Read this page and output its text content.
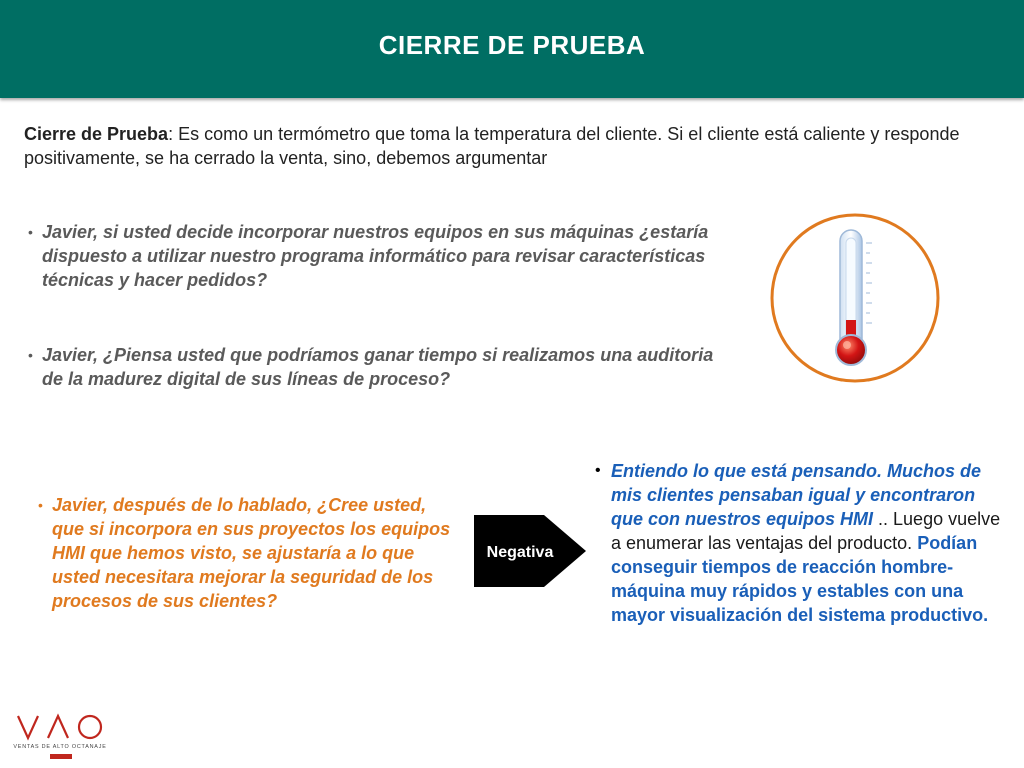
CIERRE DE PRUEBA
Cierre de Prueba: Es como un termómetro que toma la temperatura del cliente. Si el cliente está caliente y responde positivamente, se ha cerrado la venta, sino, debemos argumentar
• Javier, si usted decide incorporar nuestros equipos en sus máquinas ¿estaría dispuesto a utilizar nuestro programa informático para revisar características técnicas y hacer pedidos?
• Javier, ¿Piensa usted que podríamos ganar tiempo si realizamos una auditoria de la madurez digital de sus líneas de proceso?
• Javier, después de lo hablado, ¿Cree usted, que si incorpora en sus proyectos los equipos HMI que hemos visto, se ajustaría a lo que usted necesitara mejorar la seguridad de los procesos de sus clientes?
Negativa
• Entiendo lo que está pensando. Muchos de mis clientes pensaban igual y encontraron que con nuestros equipos HMI .. Luego vuelve a enumerar las ventajas del producto. Podían conseguir tiempos de reacción hombre-máquina muy rápidos y estables con una mayor visualización del sistema productivo.
VENTAS DE ALTO OCTANAJE
